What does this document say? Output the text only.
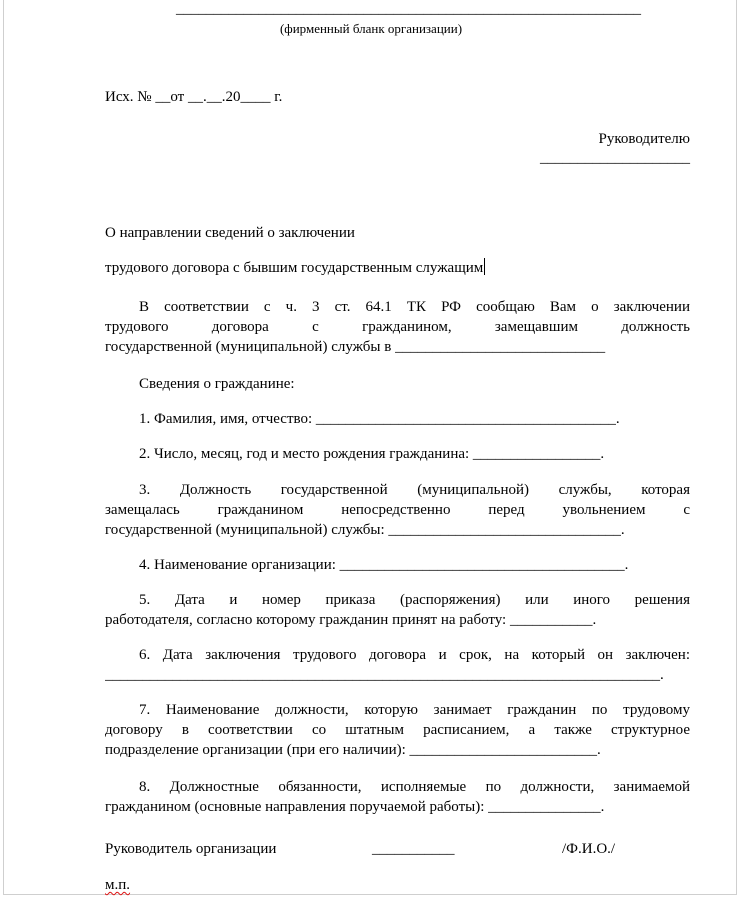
______________________________________________________________
(фирменный бланк организации)
Исх. № __от __.__.20____ г.
Руководителю
____________________
О направлении сведений о заключении
трудового договора с бывшим государственным служащим
В соответствии с ч. 3 ст. 64.1 ТК РФ сообщаю Вам о заключении
трудового договора с гражданином, замещавшим должность
государственной (муниципальной) службы в ____________________________
Сведения о гражданине:
1. Фамилия, имя, отчество: ________________________________________.
2. Число, месяц, год и место рождения гражданина: _________________.
3. Должность государственной (муниципальной) службы, которая
замещалась гражданином непосредственно перед увольнением с
государственной (муниципальной) службы: _______________________________.
4. Наименование организации: ______________________________________.
5. Дата и номер приказа (распоряжения) или иного решения
работодателя, согласно которому гражданин принят на работу: ___________.
6. Дата заключения трудового договора и срок, на который он заключен:
__________________________________________________________________________.
7. Наименование должности, которую занимает гражданин по трудовому
договору в соответствии со штатным расписанием, а также структурное
подразделение организации (при его наличии): _________________________.
8. Должностные обязанности, исполняемые по должности, занимаемой
гражданином (основные направления поручаемой работы): _______________.
Руководитель организации	___________	/Ф.И.О./
м.п.
